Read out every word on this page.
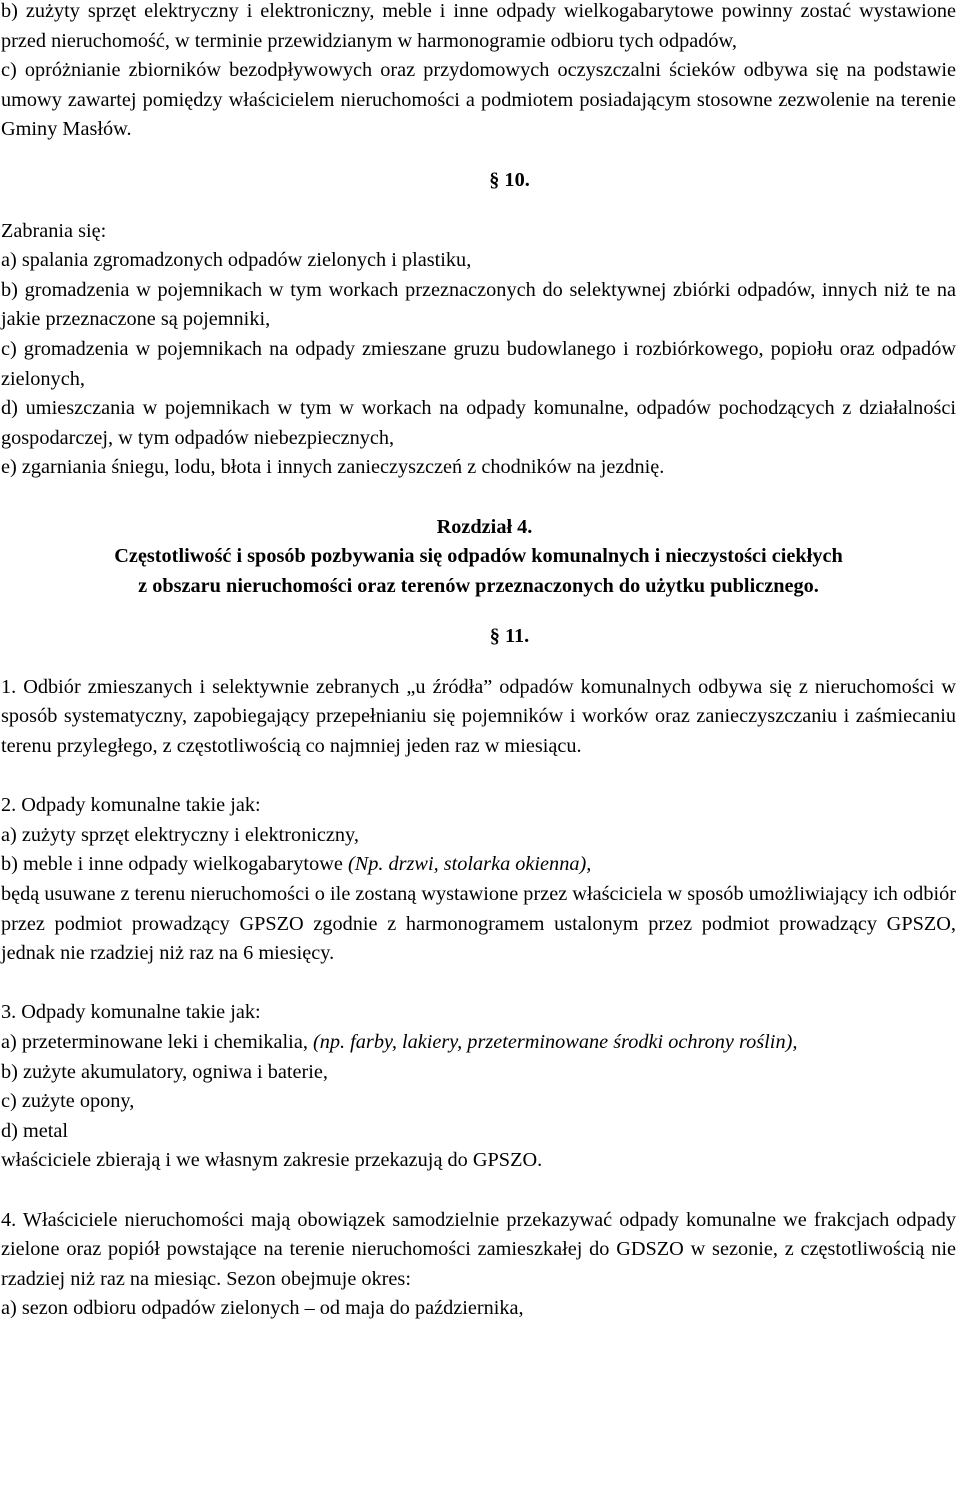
b) zużyty sprzęt elektryczny i elektroniczny, meble i inne odpady wielkogabarytowe powinny zostać wystawione przed nieruchomość, w terminie przewidzianym w harmonogramie odbioru tych odpadów,

c) opróżnianie zbiorników bezodpływowych oraz przydomowych oczyszczalni ścieków odbywa się na podstawie umowy zawartej pomiędzy właścicielem nieruchomości a podmiotem posiadającym stosowne zezwolenie na terenie Gminy Masłów.

§ 10.

Zabrania się:

a) spalania zgromadzonych odpadów zielonych i plastiku,

b) gromadzenia w pojemnikach w tym workach przeznaczonych do selektywnej zbiórki odpadów, innych niż te na jakie przeznaczone są pojemniki,

c) gromadzenia w pojemnikach na odpady zmieszane gruzu budowlanego i rozbiórkowego, popiołu oraz odpadów zielonych,

d) umieszczania w pojemnikach w tym w workach na odpady komunalne, odpadów pochodzących z działalności gospodarczej, w tym odpadów niebezpiecznych,

e) zgarniania śniegu, lodu, błota i innych zanieczyszczeń z chodników na jezdnię.

Rozdział 4.

Częstotliwość i sposób pozbywania się odpadów komunalnych i nieczystości ciekłych

z obszaru nieruchomości oraz terenów przeznaczonych do użytku publicznego.

§ 11.

1. Odbiór zmieszanych i selektywnie zebranych „u źródła” odpadów komunalnych odbywa się z nieruchomości w sposób systematyczny, zapobiegający przepełnianiu się pojemników i worków oraz zanieczyszczaniu i zaśmiecaniu terenu przyległego, z częstotliwością co najmniej jeden raz w miesiącu.

2. Odpady komunalne takie jak:

a) zużyty sprzęt elektryczny i elektroniczny,

b) meble i inne odpady wielkogabarytowe (Np. drzwi, stolarka okienna),

będą usuwane z terenu nieruchomości o ile zostaną wystawione przez właściciela w sposób umożliwiający ich odbiór przez podmiot prowadzący GPSZO zgodnie z harmonogramem ustalonym przez podmiot prowadzący GPSZO, jednak nie rzadziej niż raz na 6 miesięcy.

3. Odpady komunalne takie jak:

a) przeterminowane leki i chemikalia, (np. farby, lakiery, przeterminowane środki ochrony roślin),

b) zużyte akumulatory, ogniwa i baterie,

c) zużyte opony,

d) metal

właściciele zbierają i we własnym zakresie przekazują do GPSZO.

4. Właściciele nieruchomości mają obowiązek samodzielnie przekazywać odpady komunalne we frakcjach odpady zielone oraz popiół powstające na terenie nieruchomości zamieszkałej do GDSZO w sezonie, z częstotliwością nie rzadziej niż raz na miesiąc. Sezon obejmuje okres:

a) sezon odbioru odpadów zielonych – od maja do października,
